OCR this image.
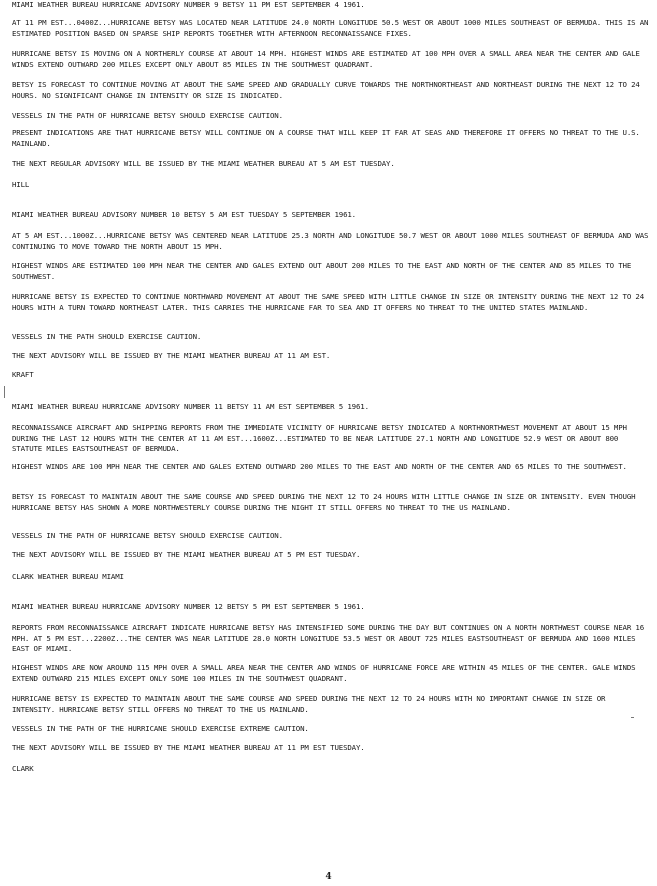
MIAMI WEATHER BUREAU HURRICANE ADVISORY NUMBER 9 BETSY 11 PM EST SEPTEMBER 4 1961.
AT 11 PM EST...0400Z...HURRICANE BETSY WAS LOCATED NEAR LATITUDE 24.0 NORTH LONGITUDE 50.5 WEST OR ABOUT 1000 MILES SOUTHEAST OF BERMUDA. THIS IS AN ESTIMATED POSITION BASED ON SPARSE SHIP REPORTS TOGETHER WITH AFTERNOON RECONNAISSANCE FIXES.
HURRICANE BETSY IS MOVING ON A NORTHERLY COURSE AT ABOUT 14 MPH. HIGHEST WINDS ARE ESTIMATED AT 100 MPH OVER A SMALL AREA NEAR THE CENTER AND GALE WINDS EXTEND OUTWARD 200 MILES EXCEPT ONLY ABOUT 85 MILES IN THE SOUTHWEST QUADRANT.
BETSY IS FORECAST TO CONTINUE MOVING AT ABOUT THE SAME SPEED AND GRADUALLY CURVE TOWARDS THE NORTHNORTHEAST AND NORTHEAST DURING THE NEXT 12 TO 24 HOURS. NO SIGNIFICANT CHANGE IN INTENSITY OR SIZE IS INDICATED.
VESSELS IN THE PATH OF HURRICANE BETSY SHOULD EXERCISE CAUTION.
PRESENT INDICATIONS ARE THAT HURRICANE BETSY WILL CONTINUE ON A COURSE THAT WILL KEEP IT FAR AT SEAS AND THEREFORE IT OFFERS NO THREAT TO THE U.S. MAINLAND.
THE NEXT REGULAR ADVISORY WILL BE ISSUED BY THE MIAMI WEATHER BUREAU AT 5 AM EST TUESDAY.
HILL
MIAMI WEATHER BUREAU ADVISORY NUMBER 10 BETSY 5 AM EST TUESDAY 5 SEPTEMBER 1961.
AT 5 AM EST...1000Z...HURRICANE BETSY WAS CENTERED NEAR LATITUDE 25.3 NORTH AND LONGITUDE 50.7 WEST OR ABOUT 1000 MILES SOUTHEAST OF BERMUDA AND WAS CONTINUING TO MOVE TOWARD THE NORTH ABOUT 15 MPH.
HIGHEST WINDS ARE ESTIMATED 100 MPH NEAR THE CENTER AND GALES EXTEND OUT ABOUT 200 MILES TO THE EAST AND NORTH OF THE CENTER AND 85 MILES TO THE SOUTHWEST.
HURRICANE BETSY IS EXPECTED TO CONTINUE NORTHWARD MOVEMENT AT ABOUT THE SAME SPEED WITH LITTLE CHANGE IN SIZE OR INTENSITY DURING THE NEXT 12 TO 24 HOURS WITH A TURN TOWARD NORTHEAST LATER. THIS CARRIES THE HURRICANE FAR TO SEA AND IT OFFERS NO THREAT TO THE UNITED STATES MAINLAND.
VESSELS IN THE PATH SHOULD EXERCISE CAUTION.
THE NEXT ADVISORY WILL BE ISSUED BY THE MIAMI WEATHER BUREAU AT 11 AM EST.
KRAFT
MIAMI WEATHER BUREAU HURRICANE ADVISORY NUMBER 11 BETSY 11 AM EST SEPTEMBER 5 1961.
RECONNAISSANCE AIRCRAFT AND SHIPPING REPORTS FROM THE IMMEDIATE VICINITY OF HURRICANE BETSY INDICATED A NORTHNORTHWEST MOVEMENT AT ABOUT 15 MPH DURING THE LAST 12 HOURS WITH THE CENTER AT 11 AM EST...1600Z...ESTIMATED TO BE NEAR LATITUDE 27.1 NORTH AND LONGITUDE 52.9 WEST OR ABOUT 800 STATUTE MILES EASTSOUTHEAST OF BERMUDA.
HIGHEST WINDS ARE 100 MPH NEAR THE CENTER AND GALES EXTEND OUTWARD 200 MILES TO THE EAST AND NORTH OF THE CENTER AND 65 MILES TO THE SOUTHWEST.
BETSY IS FORECAST TO MAINTAIN ABOUT THE SAME COURSE AND SPEED DURING THE NEXT 12 TO 24 HOURS WITH LITTLE CHANGE IN SIZE OR INTENSITY. EVEN THOUGH HURRICANE BETSY HAS SHOWN A MORE NORTHWESTERLY COURSE DURING THE NIGHT IT STILL OFFERS NO THREAT TO THE US MAINLAND.
VESSELS IN THE PATH OF HURRICANE BETSY SHOULD EXERCISE CAUTION.
THE NEXT ADVISORY WILL BE ISSUED BY THE MIAMI WEATHER BUREAU AT 5 PM EST TUESDAY.
CLARK WEATHER BUREAU MIAMI
MIAMI WEATHER BUREAU HURRICANE ADVISORY NUMBER 12 BETSY 5 PM EST SEPTEMBER 5 1961.
REPORTS FROM RECONNAISSANCE AIRCRAFT INDICATE HURRICANE BETSY HAS INTENSIFIED SOME DURING THE DAY BUT CONTINUES ON A NORTH NORTHWEST COURSE NEAR 16 MPH. AT 5 PM EST...2200Z...THE CENTER WAS NEAR LATITUDE 28.0 NORTH LONGITUDE 53.5 WEST OR ABOUT 725 MILES EASTSOUTHEAST OF BERMUDA AND 1600 MILES EAST OF MIAMI.
HIGHEST WINDS ARE NOW AROUND 115 MPH OVER A SMALL AREA NEAR THE CENTER AND WINDS OF HURRICANE FORCE ARE WITHIN 45 MILES OF THE CENTER. GALE WINDS EXTEND OUTWARD 215 MILES EXCEPT ONLY SOME 100 MILES IN THE SOUTHWEST QUADRANT.
HURRICANE BETSY IS EXPECTED TO MAINTAIN ABOUT THE SAME COURSE AND SPEED DURING THE NEXT 12 TO 24 HOURS WITH NO IMPORTANT CHANGE IN SIZE OR INTENSITY. HURRICANE BETSY STILL OFFERS NO THREAT TO THE US MAINLAND.
VESSELS IN THE PATH OF THE HURRICANE SHOULD EXERCISE EXTREME CAUTION.
THE NEXT ADVISORY WILL BE ISSUED BY THE MIAMI WEATHER BUREAU AT 11 PM EST TUESDAY.
CLARK
4
